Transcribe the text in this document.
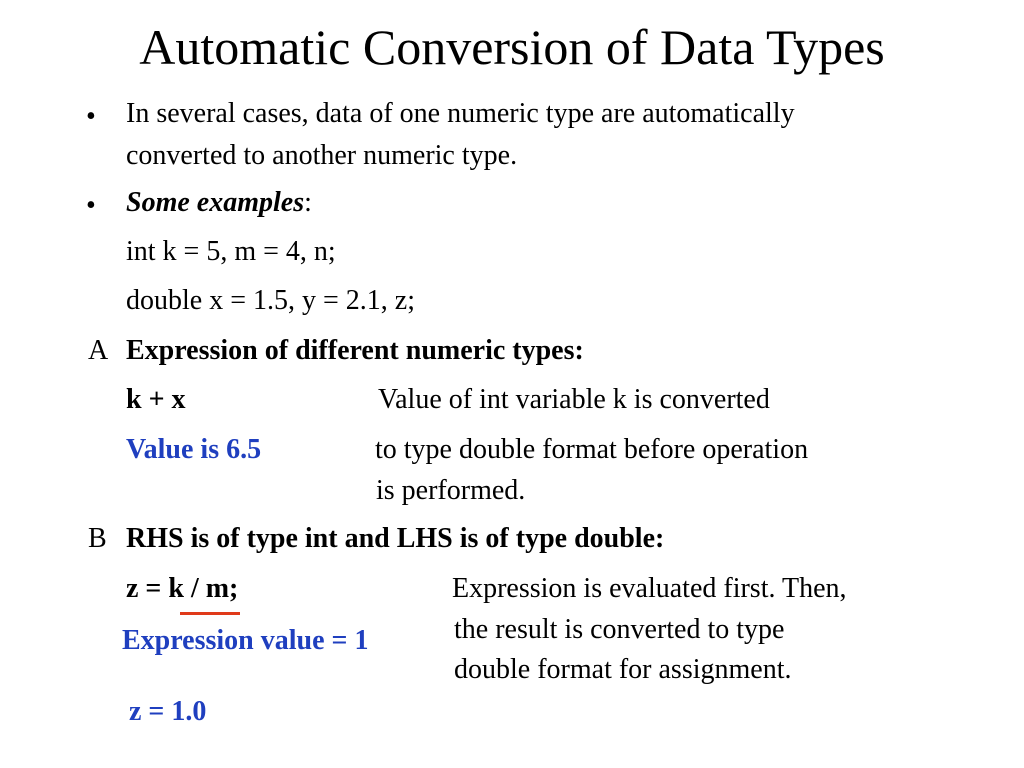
Automatic Conversion of Data Types
• In several cases, data of one numeric type are automatically
converted to another numeric type.
• Some examples:
int k = 5, m = 4, n;
double x = 1.5, y = 2.1, z;
A Expression of different numeric types:
k + x	Value of int variable k is converted
Value is 6.5	to type double format before operation
is performed.
B RHS is of type int and LHS is of type double:
z = k / m;	Expression is evaluated first. Then,
Expression value = 1	the result is converted to type
double format for assignment.
z = 1.0
